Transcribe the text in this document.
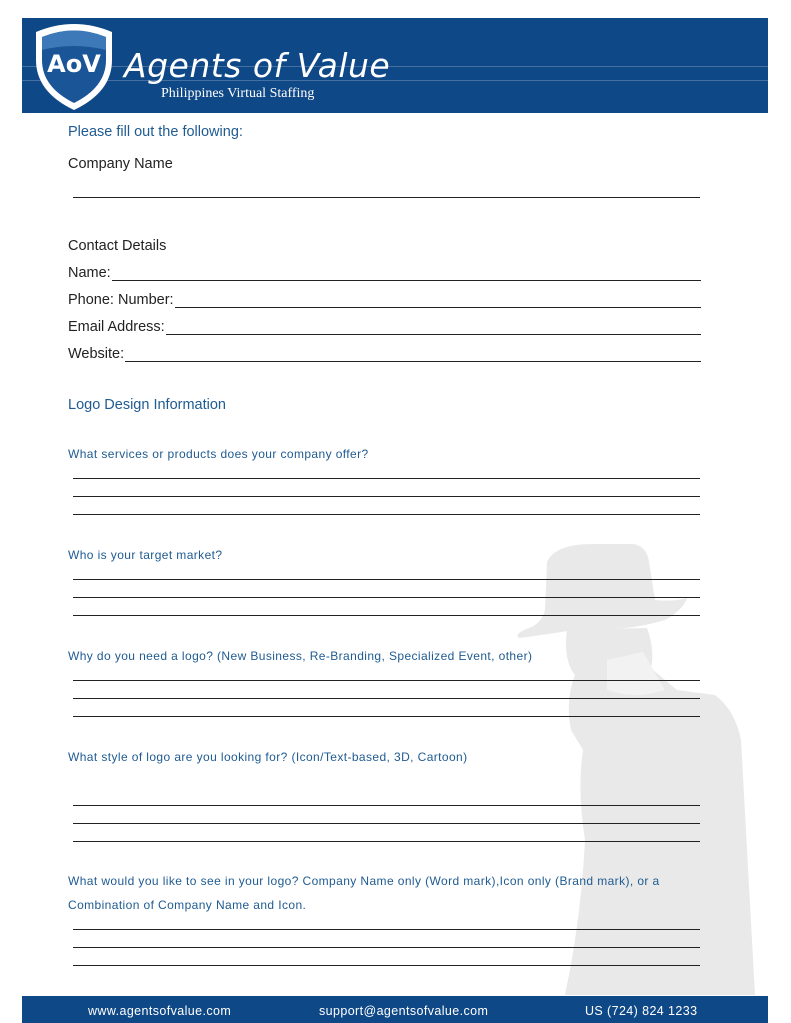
AoV Agents of Value
Philippines Virtual Staffing
Please fill out the following:
Company Name
Contact Details
Name:
Phone: Number:
Email Address:
Website:
Logo Design Information
What services or products does your company offer?
Who is your target market?
Why do you need a logo? (New Business, Re-Branding, Specialized Event, other)
What style of logo are you looking for? (Icon/Text-based, 3D, Cartoon)
What would you like to see in your logo? Company Name only (Word mark),Icon only (Brand mark), or a
Combination of Company Name and Icon.
www.agentsofvalue.com	support@agentsofvalue.com	US (724) 824 1233
